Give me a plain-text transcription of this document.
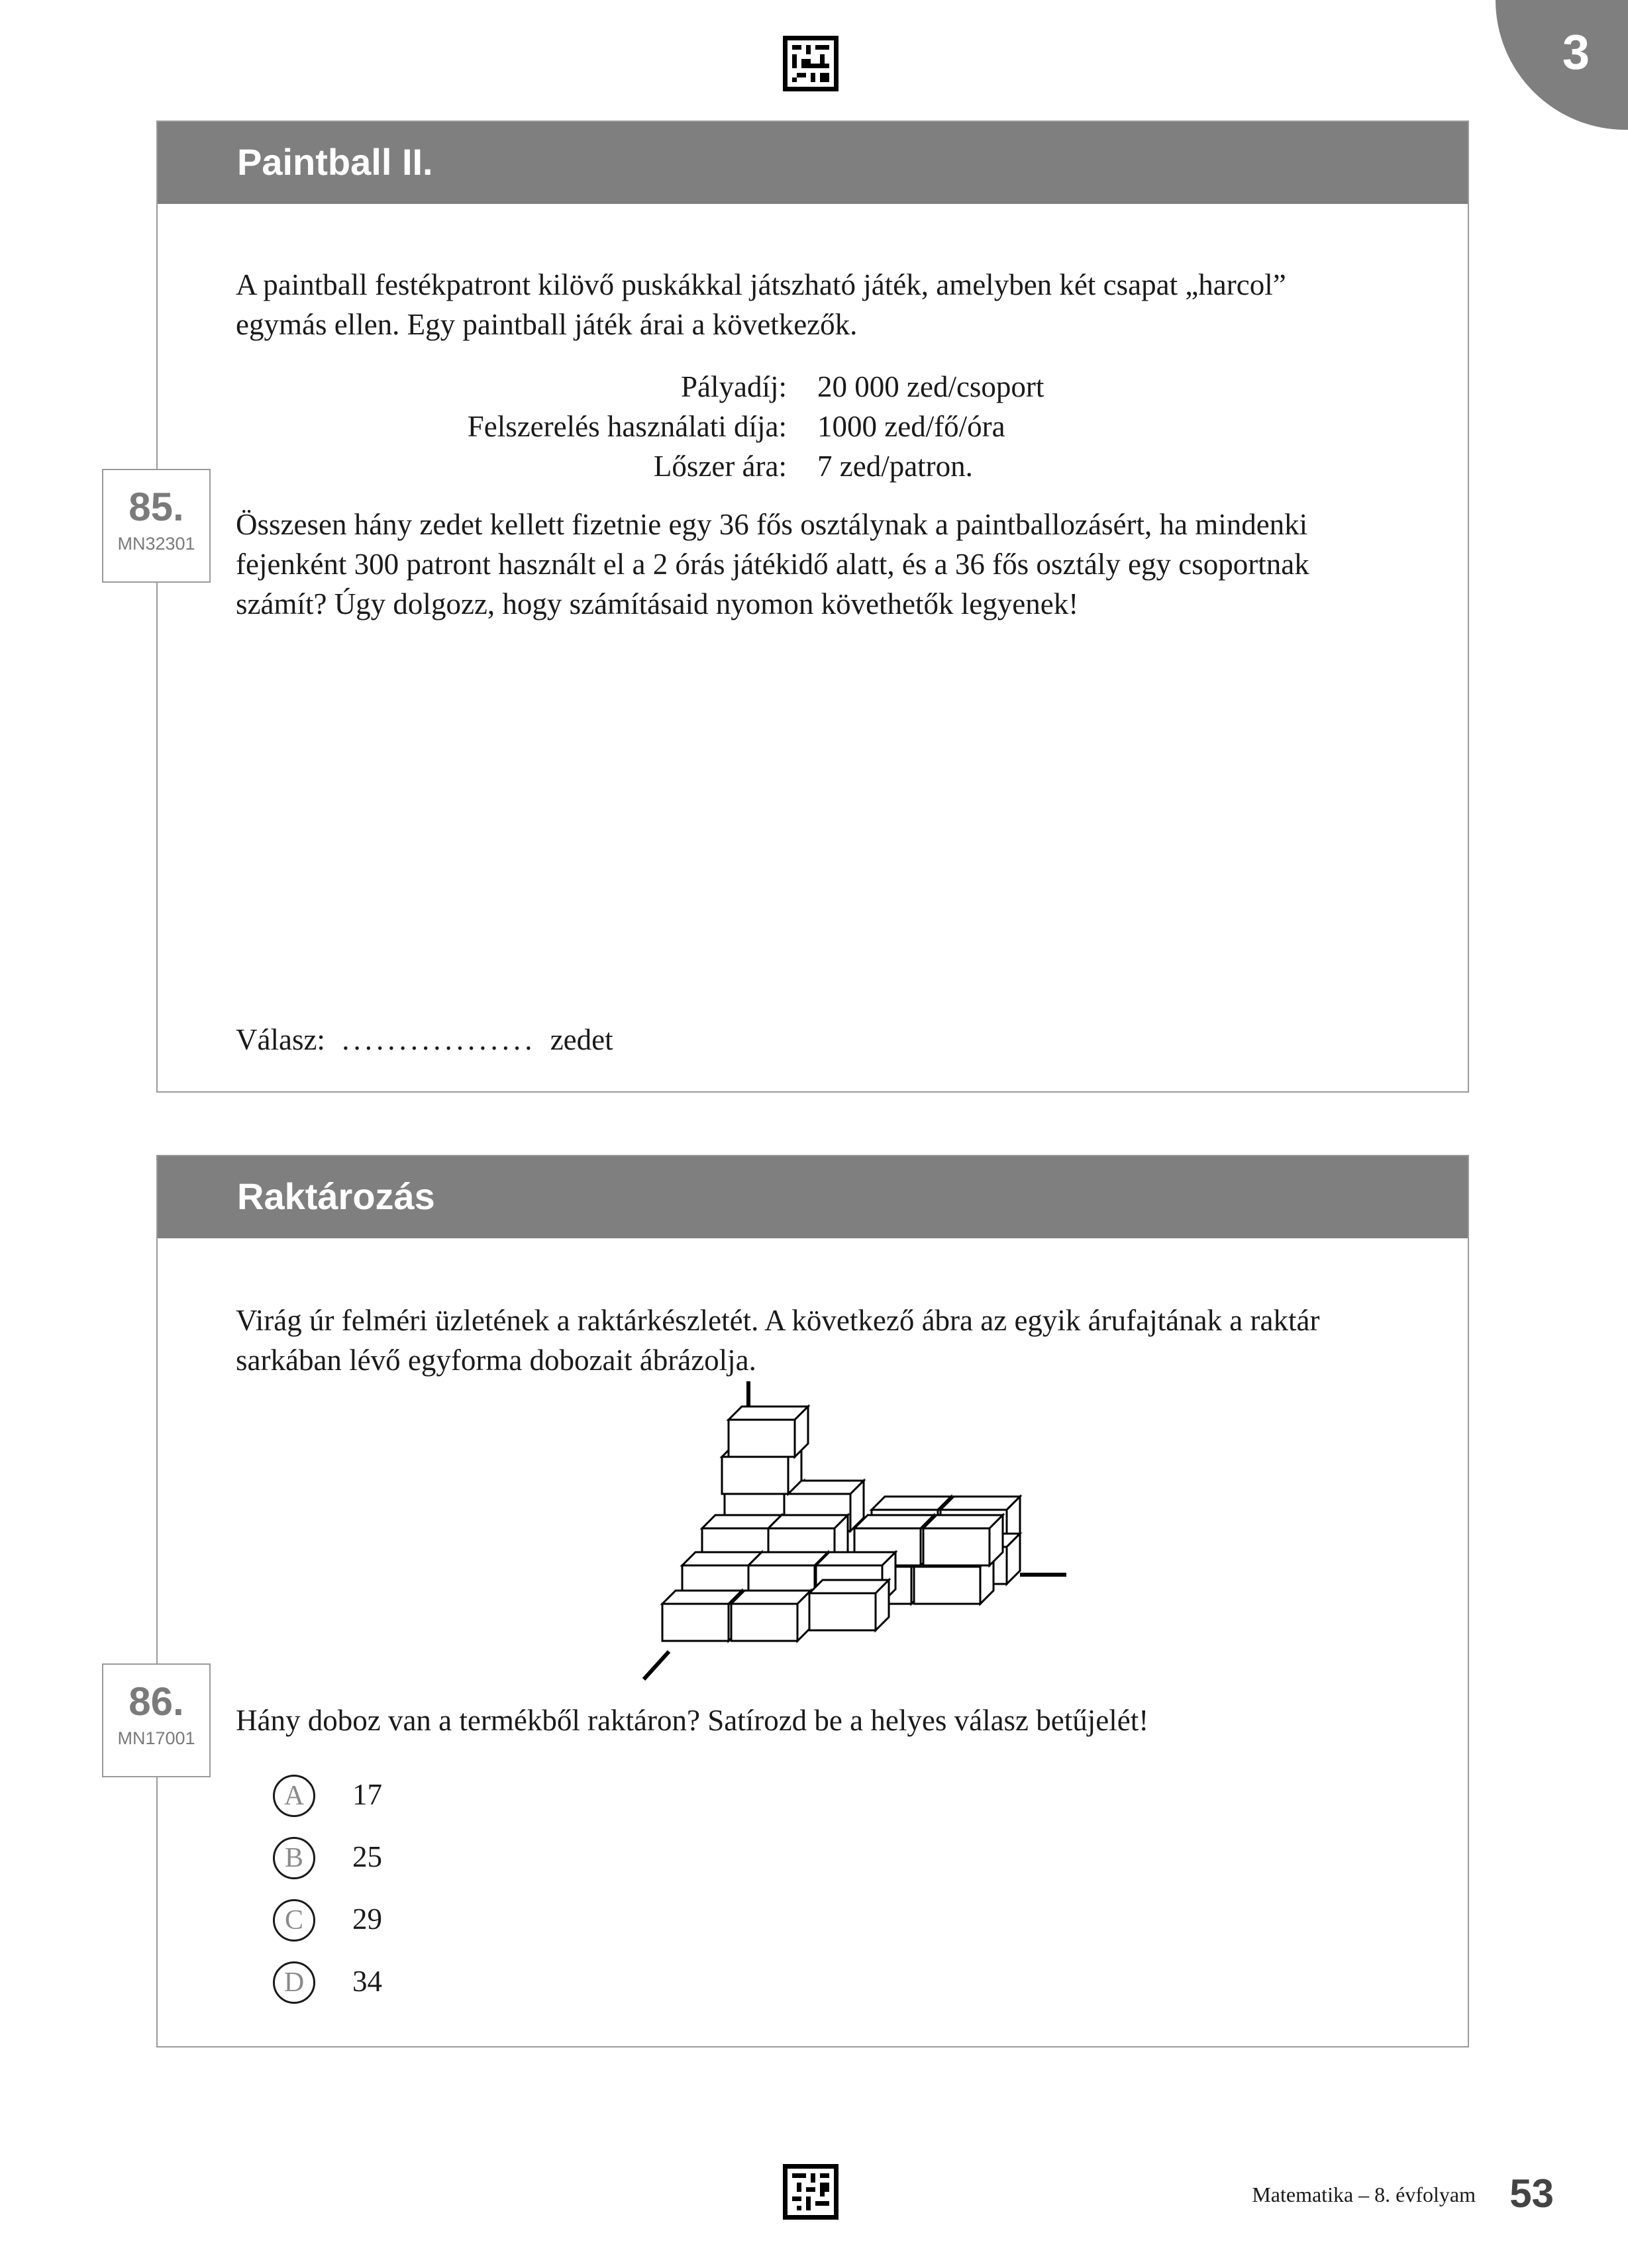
3
Paintball II.

A paintball festékpatront kilövő puskákkal játszható játék, amelyben két csapat „harcol”
egymás ellen. Egy paintball játék árai a következők.

Pályadíj: 20 000 zed/csoport
Felszerelés használati díja: 1000 zed/fő/óra
Lőszer ára: 7 zed/patron.
85.
MN32301

Összesen hány zedet kellett fizetnie egy 36 fős osztálynak a paintballozásért, ha mindenki
fejenként 300 patront használt el a 2 órás játékidő alatt, és a 36 fős osztály egy csoportnak
számít? Úgy dolgozz, hogy számításaid nyomon követhetők legyenek!

Válasz: ................. zedet
Raktározás

Virág úr felméri üzletének a raktárkészletét. A következő ábra az egyik árufajtának a raktár
sarkában lévő egyforma dobozait ábrázolja.

86.
MN17001

Hány doboz van a termékből raktáron? Satírozd be a helyes válasz betűjelét!

A	17
B	25
C	29
D	34
Matematika – 8. évfolyam 53
